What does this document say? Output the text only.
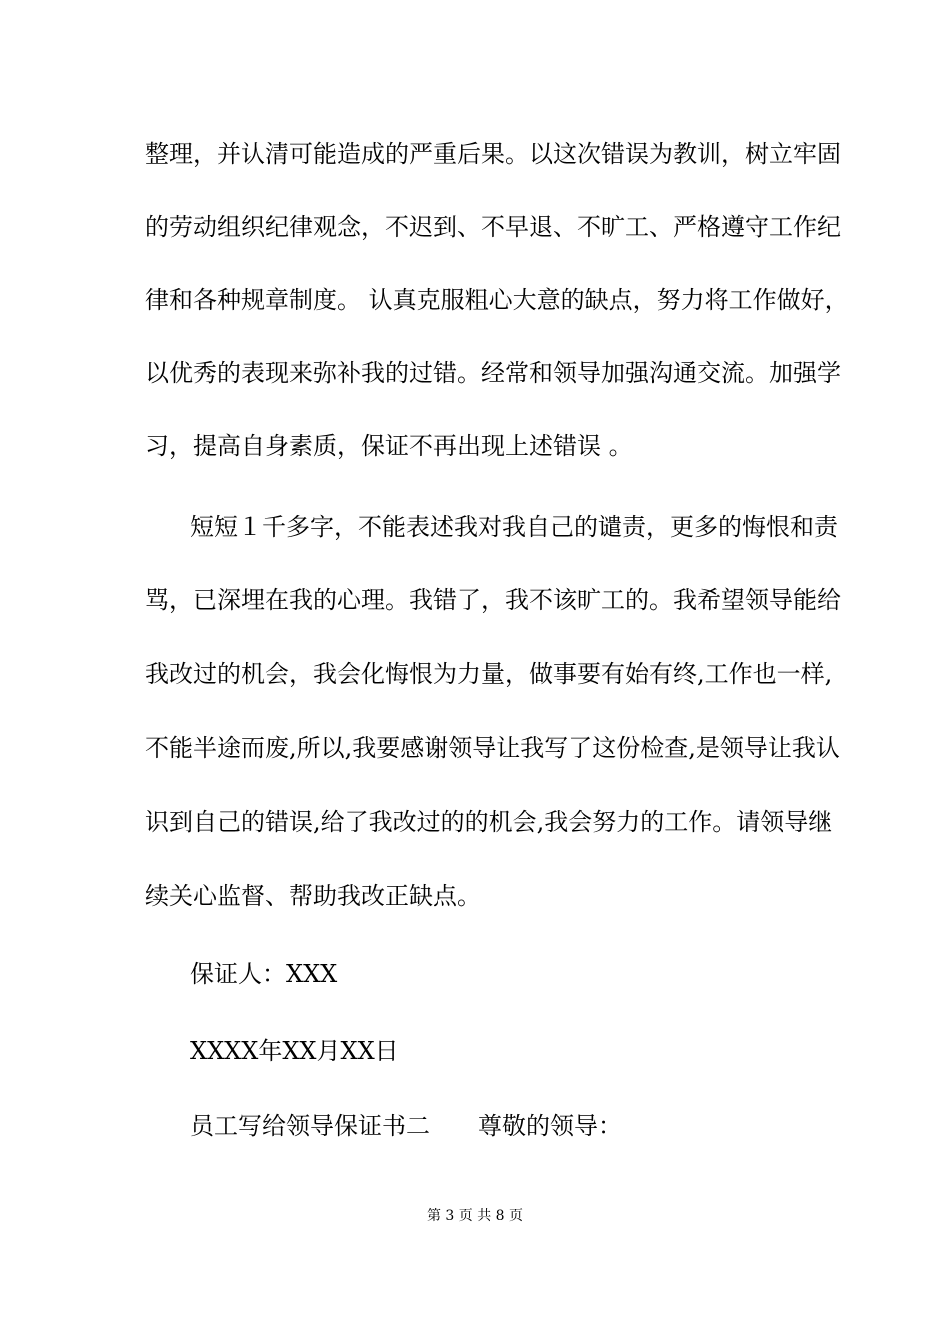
整理，并认清可能造成的严重后果。以这次错误为教训，树立牢固
的劳动组织纪律观念，不迟到、不早退、不旷工、严格遵守工作纪
律和各种规章制度。 认真克服粗心大意的缺点，努力将工作做好，
以优秀的表现来弥补我的过错。经常和领导加强沟通交流。加强学
习，提高自身素质，保证不再出现上述错误 。
短短１千多字，不能表述我对我自己的谴责，更多的悔恨和责
骂，已深埋在我的心理。我错了，我不该旷工的。我希望领导能给
我改过的机会，我会化悔恨为力量，做事要有始有终,工作也一样,
不能半途而废,所以,我要感谢领导让我写了这份检查,是领导让我认
识到自己的错误,给了我改过的的机会,我会努力的工作。请领导继
续关心监督、帮助我改正缺点。
保证人：XXX
XXXX年XX月XX日
员工写给领导保证书二　　尊敬的领导：
第 3 页 共 8 页
